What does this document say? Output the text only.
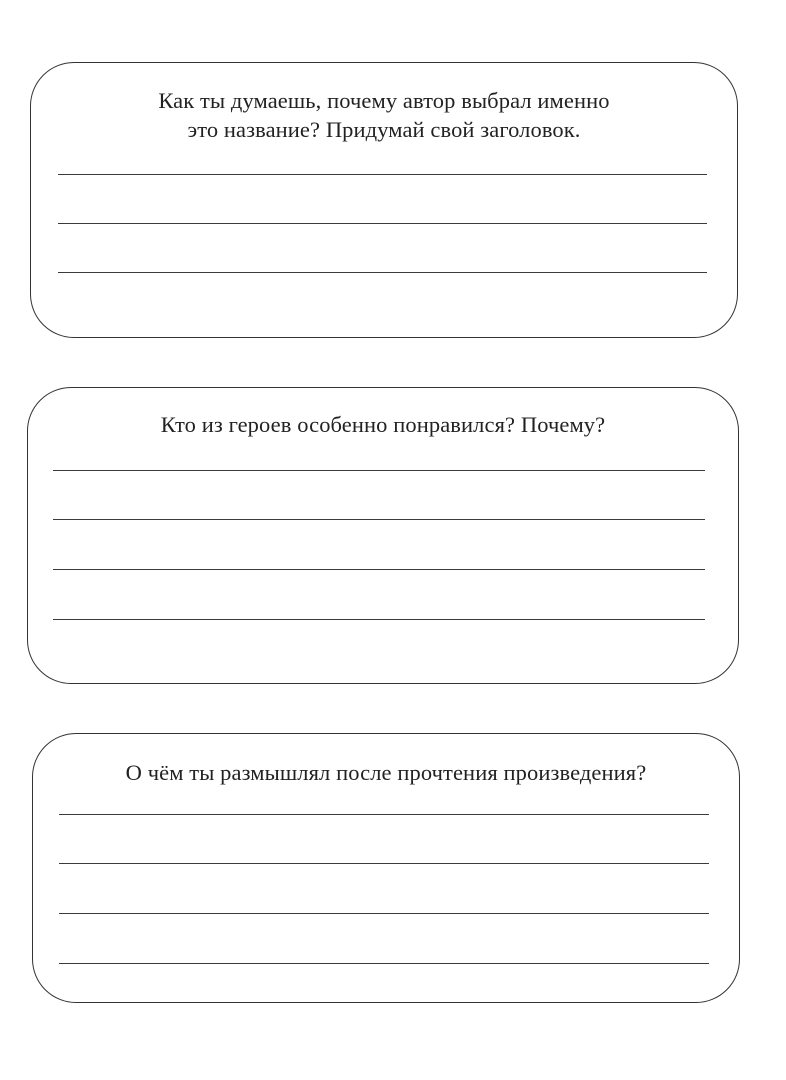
Как ты думаешь, почему автор выбрал именно
это название? Придумай свой заголовок.
Кто из героев особенно понравился? Почему?
О чём ты размышлял после прочтения произведения?
